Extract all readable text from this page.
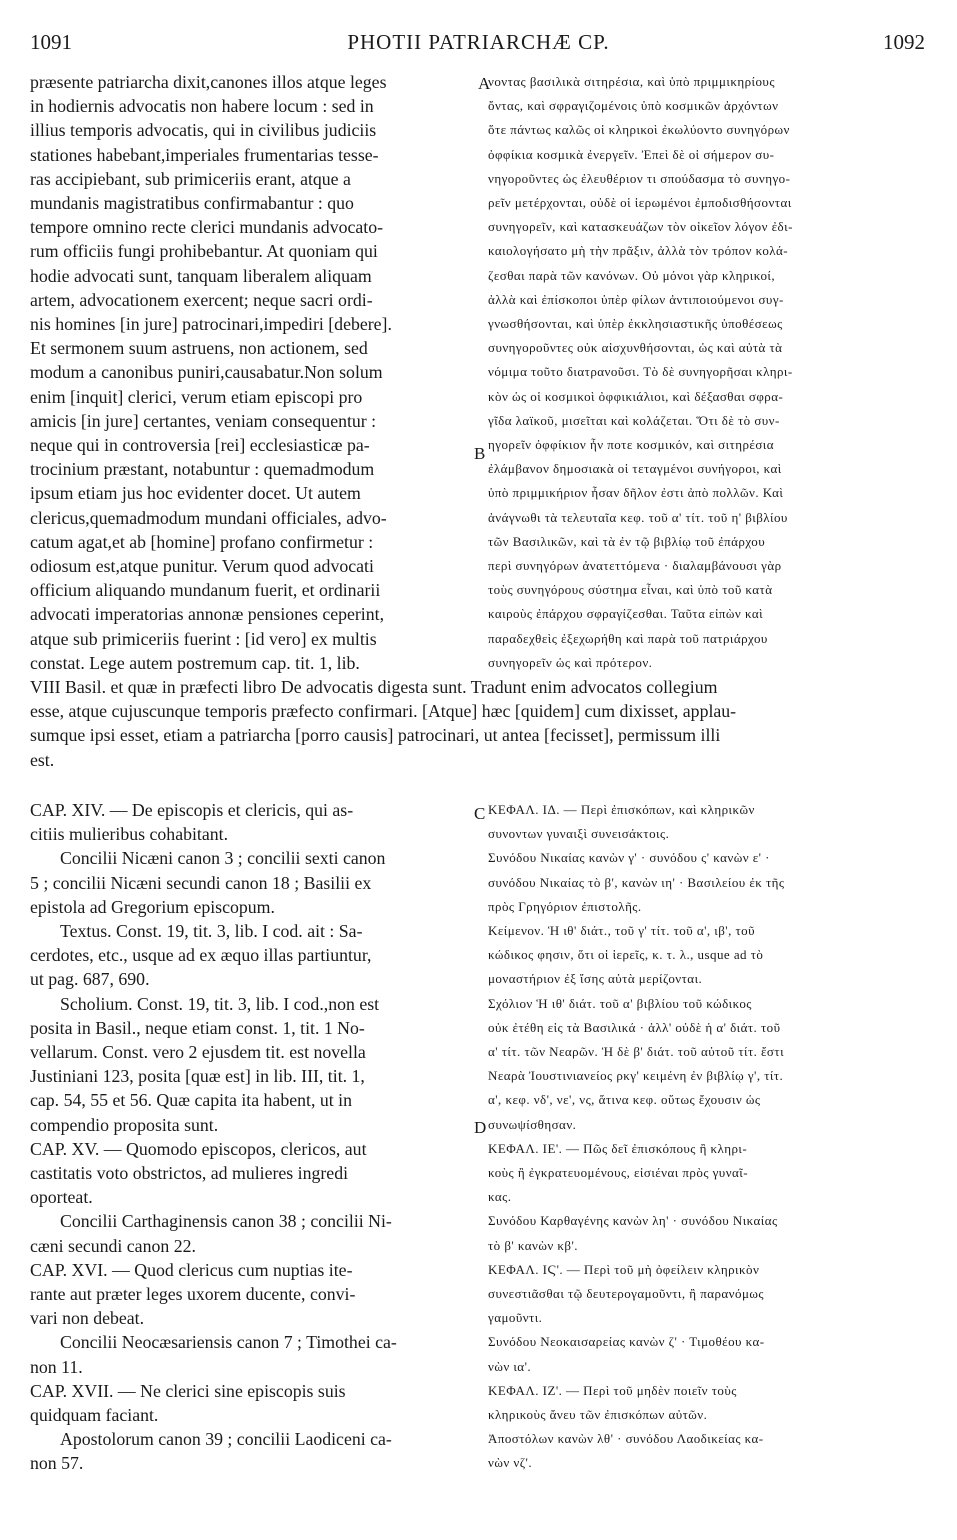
1091	PHOTII PATRIARCHÆ CP.	1092
A
B
C
D
præsente patriarcha dixit,canones illos atque leges
in hodiernis advocatis non habere locum : sed in
illius temporis advocatis, qui in civilibus judiciis
stationes habebant,imperiales frumentarias tesse-
ras accipiebant, sub primiceriis erant, atque a
mundanis magistratibus confirmabantur : quo
tempore omnino recte clerici mundanis advocato-
rum officiis fungi prohibebantur. At quoniam qui
hodie advocati sunt, tanquam liberalem aliquam
artem, advocationem exercent; neque sacri ordi-
nis homines [in jure] patrocinari,impediri [debere].
Et sermonem suum astruens, non actionem, sed
modum a canonibus puniri,causabatur.Non solum
enim [inquit] clerici, verum etiam episcopi pro
amicis [in jure] certantes, veniam consequentur :
neque qui in controversia [rei] ecclesiasticæ pa-
trocinium præstant, notabuntur : quemadmodum
ipsum etiam jus hoc evidenter docet. Ut autem
clericus,quemadmodum mundani officiales, advo-
catum agat,et ab [homine] profano confirmetur :
odiosum est,atque punitur. Verum quod advocati
officium aliquando mundanum fuerit, et ordinarii
advocati imperatorias annonæ pensiones ceperint,
atque sub primiceriis fuerint : [id vero] ex multis
constat. Lege autem postremum cap. tit. 1, lib.
νοντας βασιλικὰ σιτηρέσια, καὶ ὑπὸ πριμμικηρίους
ὄντας, καὶ σφραγιζομένοις ὑπὸ κοσμικῶν ἀρχόντων
ὅτε πάντως καλῶς οἱ κληρικοὶ ἐκωλύοντο συνηγόρων
ὀφφίκια κοσμικὰ ἐνεργεῖν. Ἐπεὶ δὲ οἱ σήμερον συ-
νηγοροῦντες ὡς ἐλευθέριον τι σπούδασμα τὸ συνηγο-
ρεῖν μετέρχονται, οὐδὲ οἱ ἱερωμένοι ἐμποδισθήσονται
συνηγορεῖν, καὶ κατασκευάζων τὸν οἰκεῖον λόγον ἐδι-
καιολογήσατο μὴ τὴν πρᾶξιν, ἀλλὰ τὸν τρόπον κολά-
ζεσθαι παρὰ τῶν κανόνων. Οὐ μόνοι γὰρ κληρικοί,
ἀλλὰ καὶ ἐπίσκοποι ὑπὲρ φίλων ἀντιποιούμενοι συγ-
γνωσθήσονται, καὶ ὑπὲρ ἐκκλησιαστικῆς ὑποθέσεως
συνηγοροῦντες οὐκ αἰσχυνθήσονται, ὡς καὶ αὐτὰ τὰ
νόμιμα τοῦτο διατρανοῦσι. Τὸ δὲ συνηγορῆσαι κληρι-
κὸν ὡς οἱ κοσμικοὶ ὀφφικιάλιοι, καὶ δέξασθαι σφρα-
γῖδα λαϊκοῦ, μισεῖται καὶ κολάζεται. Ὅτι δὲ τὸ συν-
ηγορεῖν ὀφφίκιον ἦν ποτε κοσμικόν, καὶ σιτηρέσια
ἐλάμβανον δημοσιακὰ οἱ τεταγμένοι συνήγοροι, καὶ
ὑπὸ πριμμικήριον ἦσαν δῆλον ἐστι ἀπὸ πολλῶν. Καὶ
ἀνάγνωθι τὰ τελευταῖα κεφ. τοῦ α' τίτ. τοῦ η' βιβλίου
τῶν Βασιλικῶν, καὶ τὰ ἐν τῷ βιβλίῳ τοῦ ἐπάρχου
περὶ συνηγόρων ἀνατεττόμενα · διαλαμβάνουσι γὰρ
τοὺς συνηγόρους σύστημα εἶναι, καὶ ὑπὸ τοῦ κατὰ
καιροὺς ἐπάρχου σφραγίζεσθαι. Ταῦτα εἰπὼν καὶ
παραδεχθεὶς ἐξεχωρήθη καὶ παρὰ τοῦ πατριάρχου
συνηγορεῖν ὡς καὶ πρότερον.
VIII Basil. et quæ in præfecti libro De advocatis digesta sunt. Tradunt enim advocatos collegium
esse, atque cujuscunque temporis præfecto confirmari. [Atque] hæc [quidem] cum dixisset, applau-
sumque ipsi esset, etiam a patriarcha [porro causis] patrocinari, ut antea [fecisset], permissum illi
est.
CAP. XIV. — De episcopis et clericis, qui as-
citiis mulieribus cohabitant.
Concilii Nicæni canon 3 ; concilii sexti canon
5 ; concilii Nicæni secundi canon 18 ; Basilii ex
epistola ad Gregorium episcopum.
Textus. Const. 19, tit. 3, lib. I cod. ait : Sa-
cerdotes, etc., usque ad ex æquo illas partiuntur,
ut pag. 687, 690.
Scholium. Const. 19, tit. 3, lib. I cod.,non est
posita in Basil., neque etiam const. 1, tit. 1 No-
vellarum. Const. vero 2 ejusdem tit. est novella
Justiniani 123, posita [quæ est] in lib. III, tit. 1,
cap. 54, 55 et 56. Quæ capita ita habent, ut in
compendio proposita sunt.
CAP. XV. — Quomodo episcopos, clericos, aut
castitatis voto obstrictos, ad mulieres ingredi
oporteat.
Concilii Carthaginensis canon 38 ; concilii Ni-
cæni secundi canon 22.
CAP. XVI. — Quod clericus cum nuptias ite-
rante aut præter leges uxorem ducente, convi-
vari non debeat.
Concilii Neocæsariensis canon 7 ; Timothei ca-
non 11.
CAP. XVII. — Ne clerici sine episcopis suis
quidquam faciant.
Apostolorum canon 39 ; concilii Laodiceni ca-
non 57.
ΚΕΦΑΛ. ΙΔ. — Περὶ ἐπισκόπων, καὶ κληρικῶν
συνοντων γυναιξὶ συνεισάκτοις.
Συνόδου Νικαίας κανὼν γ' · συνόδου ς' κανὼν ε' ·
συνόδου Νικαίας τὸ β', κανὼν ιη' · Βασιλείου ἐκ τῆς
πρὸς Γρηγόριον ἐπιστολῆς.
Κείμενον. Ἡ ιθ' διάτ., τοῦ γ' τίτ. τοῦ α', ιβ', τοῦ
κώδικος φησιν, ὅτι οἱ ἱερεῖς, κ. τ. λ., usque ad τὸ
μοναστήριον ἐξ ἴσης αὐτὰ μερίζονται.
Σχόλιον Ἡ ιθ' διάτ. τοῦ α' βιβλίου τοῦ κώδικος
οὐκ ἐτέθη εἰς τὰ Βασιλικά · ἀλλ' οὐδὲ ἡ α' διάτ. τοῦ
α' τίτ. τῶν Νεαρῶν. Ἡ δὲ β' διάτ. τοῦ αὐτοῦ τίτ. ἔστι
Νεαρὰ Ἰουστινιανείος ρκγ' κειμένη ἐν βιβλίῳ γ', τίτ.
α', κεφ. νδ', νε', νς, ἅτινα κεφ. οὕτως ἔχουσιν ὡς
συνωψίσθησαν.
ΚΕΦΑΛ. ΙΕ'. — Πῶς δεῖ ἐπισκόπους ἢ κληρι-
κοὺς ἢ ἐγκρατευομένους, εἰσιέναι πρὸς γυναῖ-
κας.
Συνόδου Καρθαγένης κανὼν λη' · συνόδου Νικαίας
τὸ β' κανὼν κβ'.
ΚΕΦΑΛ. ΙϚ'. — Περὶ τοῦ μὴ ὀφείλειν κληρικὸν
συνεστιᾶσθαι τῷ δευτερογαμοῦντι, ἢ παρανόμως
γαμοῦντι.
Συνόδου Νεοκαισαρείας κανὼν ζ' · Τιμοθέου κα-
νὼν ια'.
ΚΕΦΑΛ. ΙΖ'. — Περὶ τοῦ μηδὲν ποιεῖν τοὺς
κληρικοὺς ἄνευ τῶν ἐπισκόπων αὐτῶν.
Ἀποστόλων κανὼν λθ' · συνόδου Λαοδικείας κα-
νὼν νζ'.
